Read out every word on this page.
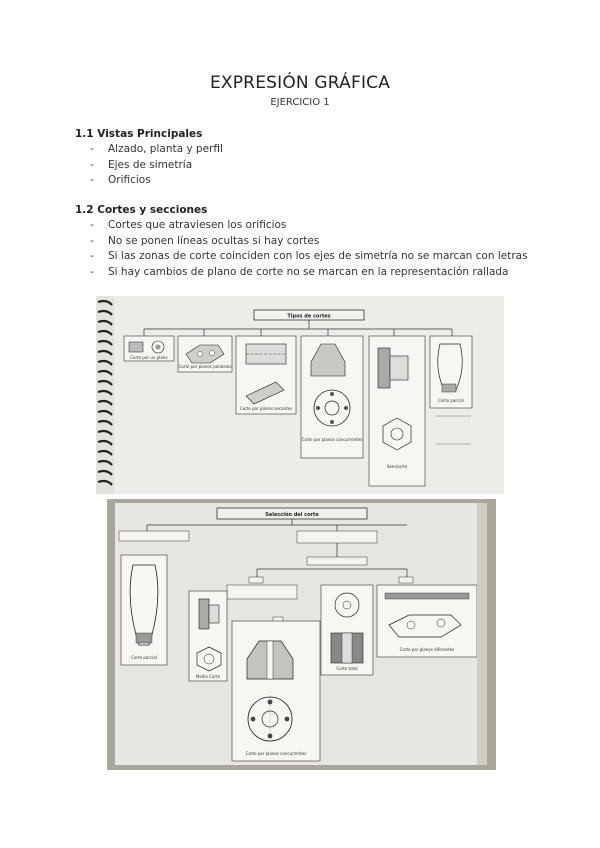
EXPRESIÓN GRÁFICA
EJERCICIO 1
1.1 Vistas Principales
- Alzado, planta y perfil
- Ejes de simetría
- Orificios
1.2 Cortes y secciones
- Cortes que atraviesen los orificios
- No se ponen líneas ocultas si hay cortes
- Si las zonas de corte coinciden con los ejes de simetría no se marcan con letras
- Si hay cambios de plano de corte no se marcan en la representación rallada
Tipos de cortes
Corte por un plano
Corte por planos paralelos
Corte por planos secantes
Corte por planos concurrentes
Semicorte
Corte parcial
Selección del corte
Corte parcial
Medio Corte
Corte por planos concurrentes
Corte total
Corte por planos diferentes
